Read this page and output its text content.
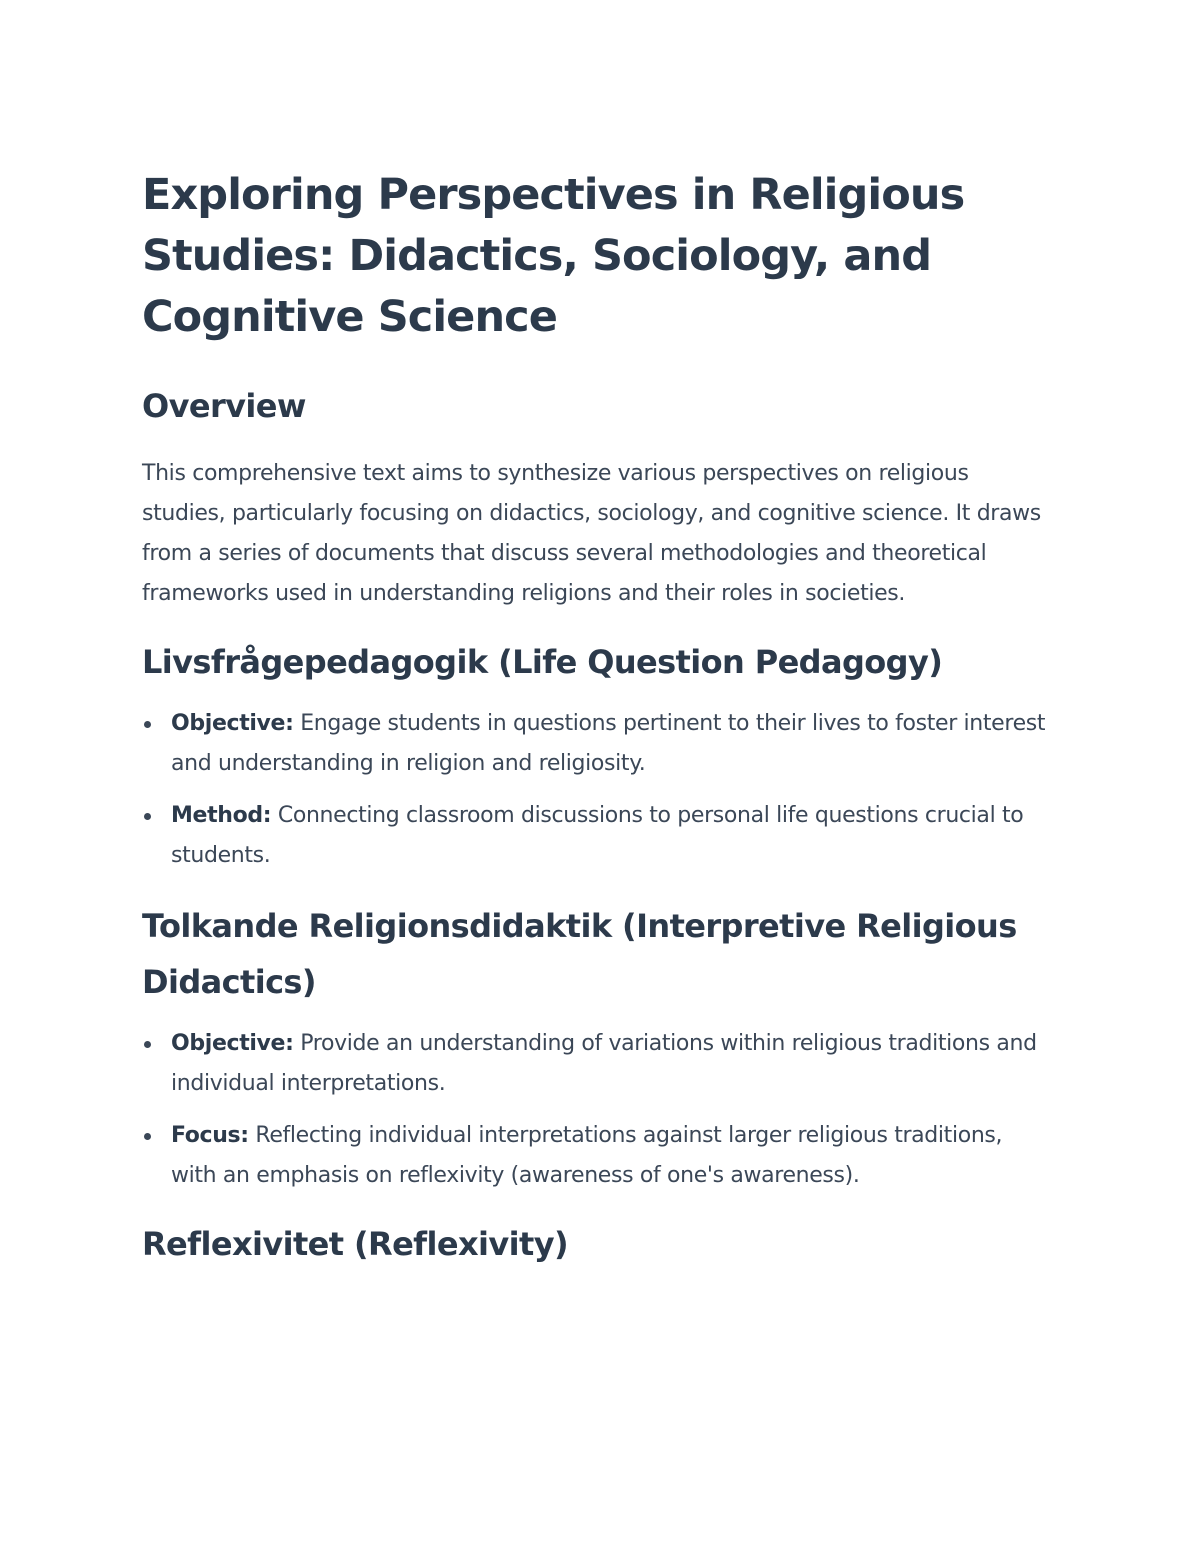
Exploring Perspectives in Religious Studies: Didactics, Sociology, and Cognitive Science
Overview

This comprehensive text aims to synthesize various perspectives on religious studies, particularly focusing on didactics, sociology, and cognitive science. It draws from a series of documents that discuss several methodologies and theoretical frameworks used in understanding religions and their roles in societies.

Livsfrågepedagogik (Life Question Pedagogy)
Objective: Engage students in questions pertinent to their lives to foster interest and understanding in religion and religiosity.
Method: Connecting classroom discussions to personal life questions crucial to students.
Tolkande Religionsdidaktik (Interpretive Religious Didactics)
Objective: Provide an understanding of variations within religious traditions and individual interpretations.
Focus: Reflecting individual interpretations against larger religious traditions, with an emphasis on reflexivity (awareness of one's awareness).
Reflexivitet (Reflexivity)
